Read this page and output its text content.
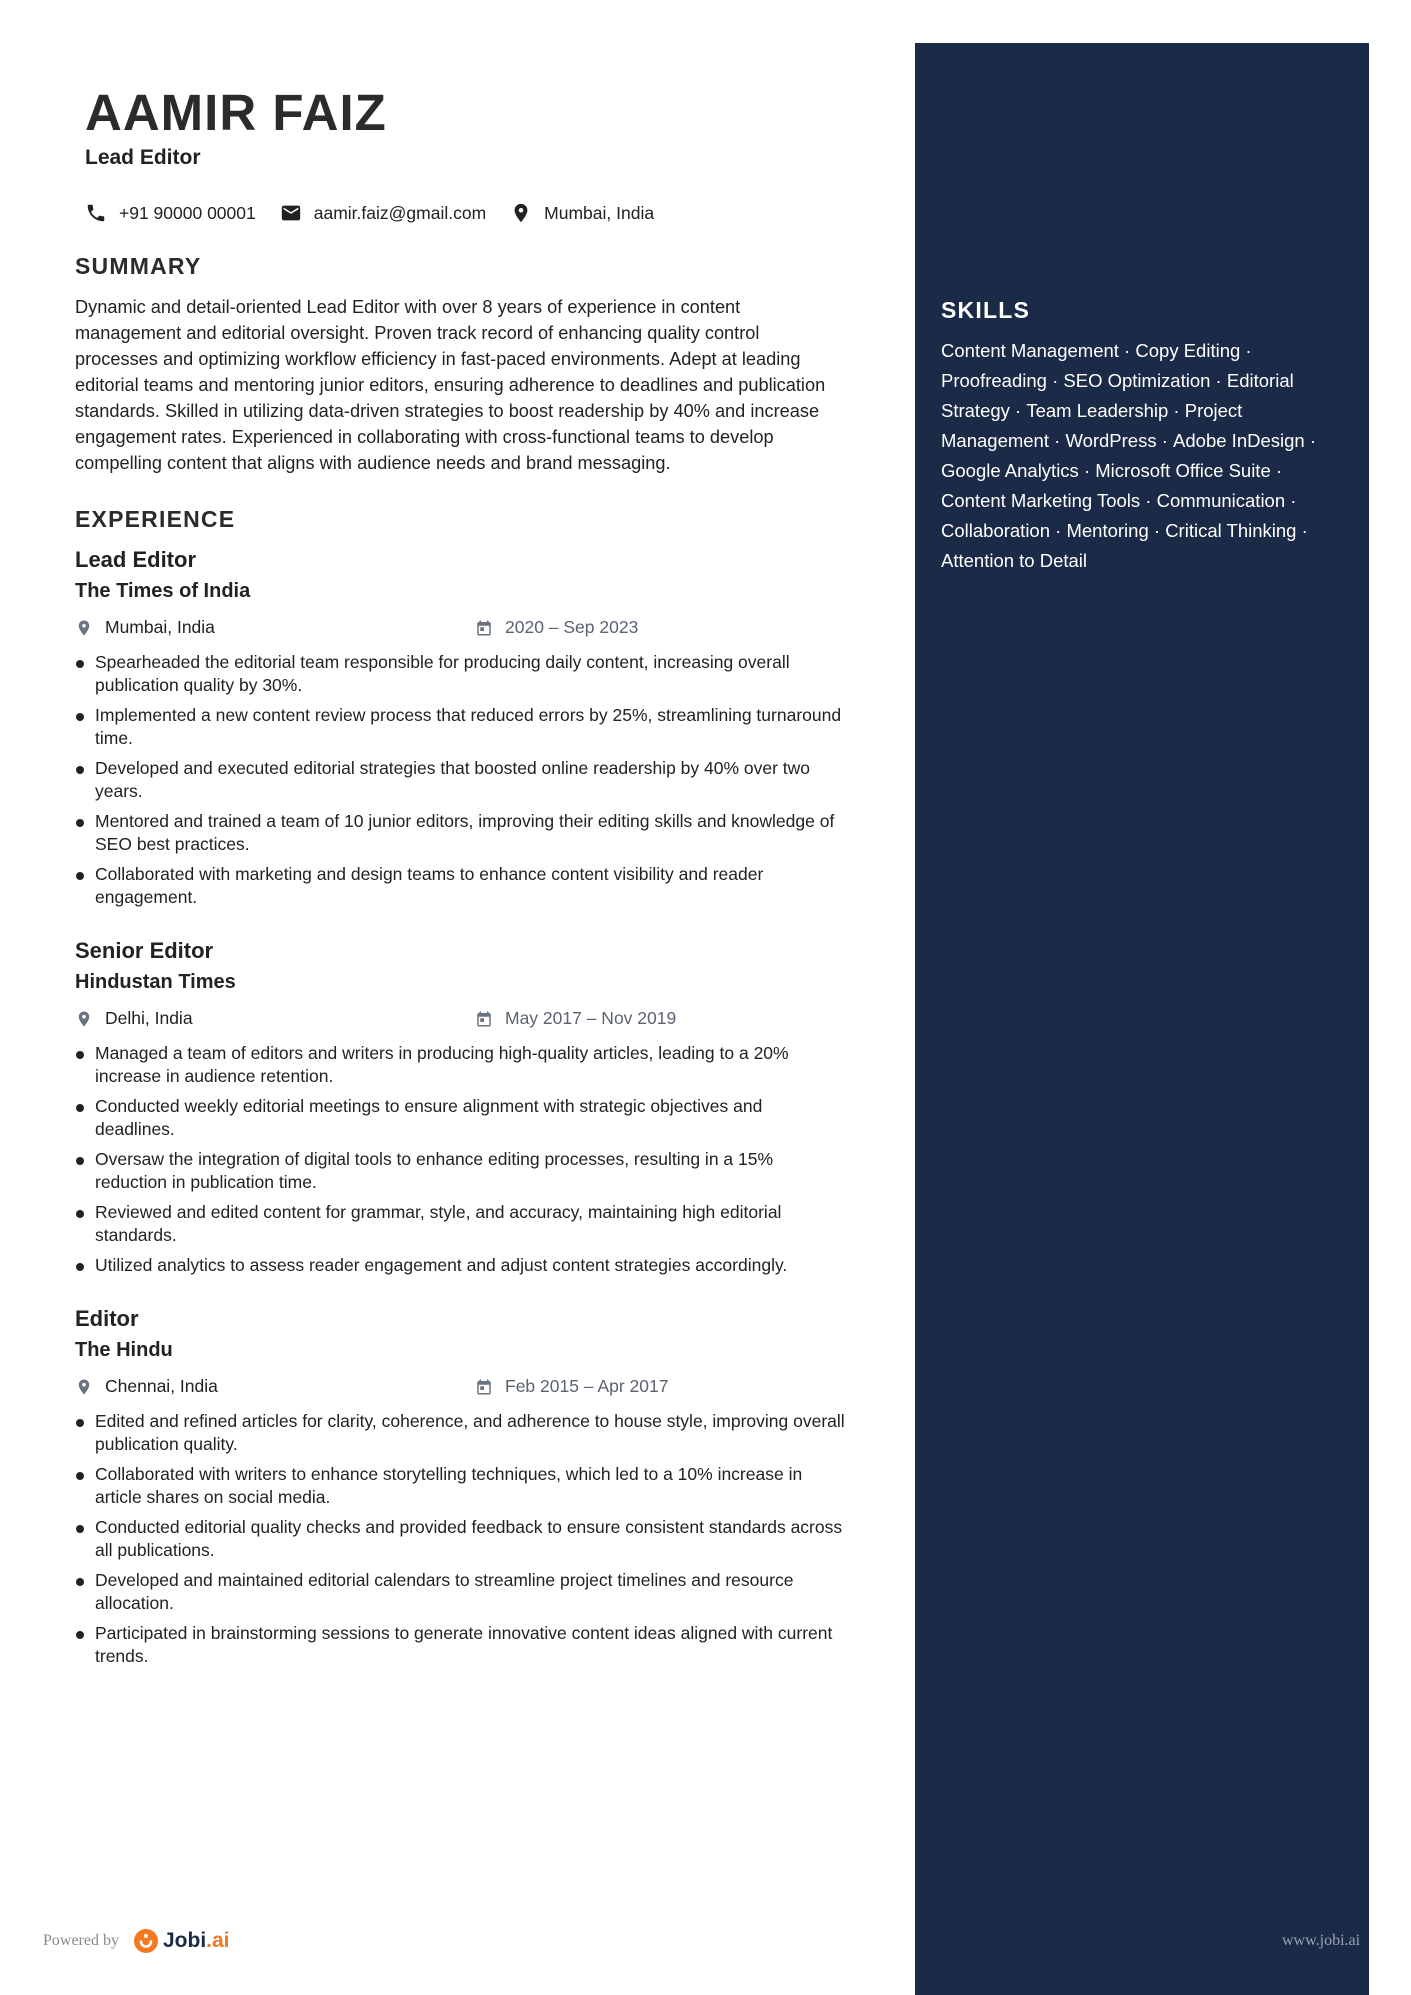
SKILLS
Content Management · Copy Editing · Proofreading · SEO Optimization · Editorial Strategy · Team Leadership · Project Management · WordPress · Adobe InDesign · Google Analytics · Microsoft Office Suite · Content Marketing Tools · Communication · Collaboration · Mentoring · Critical Thinking · Attention to Detail
AAMIR FAIZ
Lead Editor
+91 90000 00001	aamir.faiz@gmail.com	Mumbai, India
SUMMARY

Dynamic and detail-oriented Lead Editor with over 8 years of experience in content management and editorial oversight. Proven track record of enhancing quality control processes and optimizing workflow efficiency in fast-paced environments. Adept at leading editorial teams and mentoring junior editors, ensuring adherence to deadlines and publication standards. Skilled in utilizing data-driven strategies to boost readership by 40% and increase engagement rates. Experienced in collaborating with cross-functional teams to develop compelling content that aligns with audience needs and brand messaging.

EXPERIENCE
Lead Editor
The Times of India
Mumbai, India	2020 – Sep 2023
Spearheaded the editorial team responsible for producing daily content, increasing overall publication quality by 30%.
Implemented a new content review process that reduced errors by 25%, streamlining turnaround time.
Developed and executed editorial strategies that boosted online readership by 40% over two years.
Mentored and trained a team of 10 junior editors, improving their editing skills and knowledge of SEO best practices.
Collaborated with marketing and design teams to enhance content visibility and reader engagement.
Senior Editor
Hindustan Times
Delhi, India	May 2017 – Nov 2019
Managed a team of editors and writers in producing high-quality articles, leading to a 20% increase in audience retention.
Conducted weekly editorial meetings to ensure alignment with strategic objectives and deadlines.
Oversaw the integration of digital tools to enhance editing processes, resulting in a 15% reduction in publication time.
Reviewed and edited content for grammar, style, and accuracy, maintaining high editorial standards.
Utilized analytics to assess reader engagement and adjust content strategies accordingly.
Editor
The Hindu
Chennai, India	Feb 2015 – Apr 2017
Edited and refined articles for clarity, coherence, and adherence to house style, improving overall publication quality.
Collaborated with writers to enhance storytelling techniques, which led to a 10% increase in article shares on social media.
Conducted editorial quality checks and provided feedback to ensure consistent standards across all publications.
Developed and maintained editorial calendars to streamline project timelines and resource allocation.
Participated in brainstorming sessions to generate innovative content ideas aligned with current trends.
Powered by Jobi .ai	www.jobi.ai
